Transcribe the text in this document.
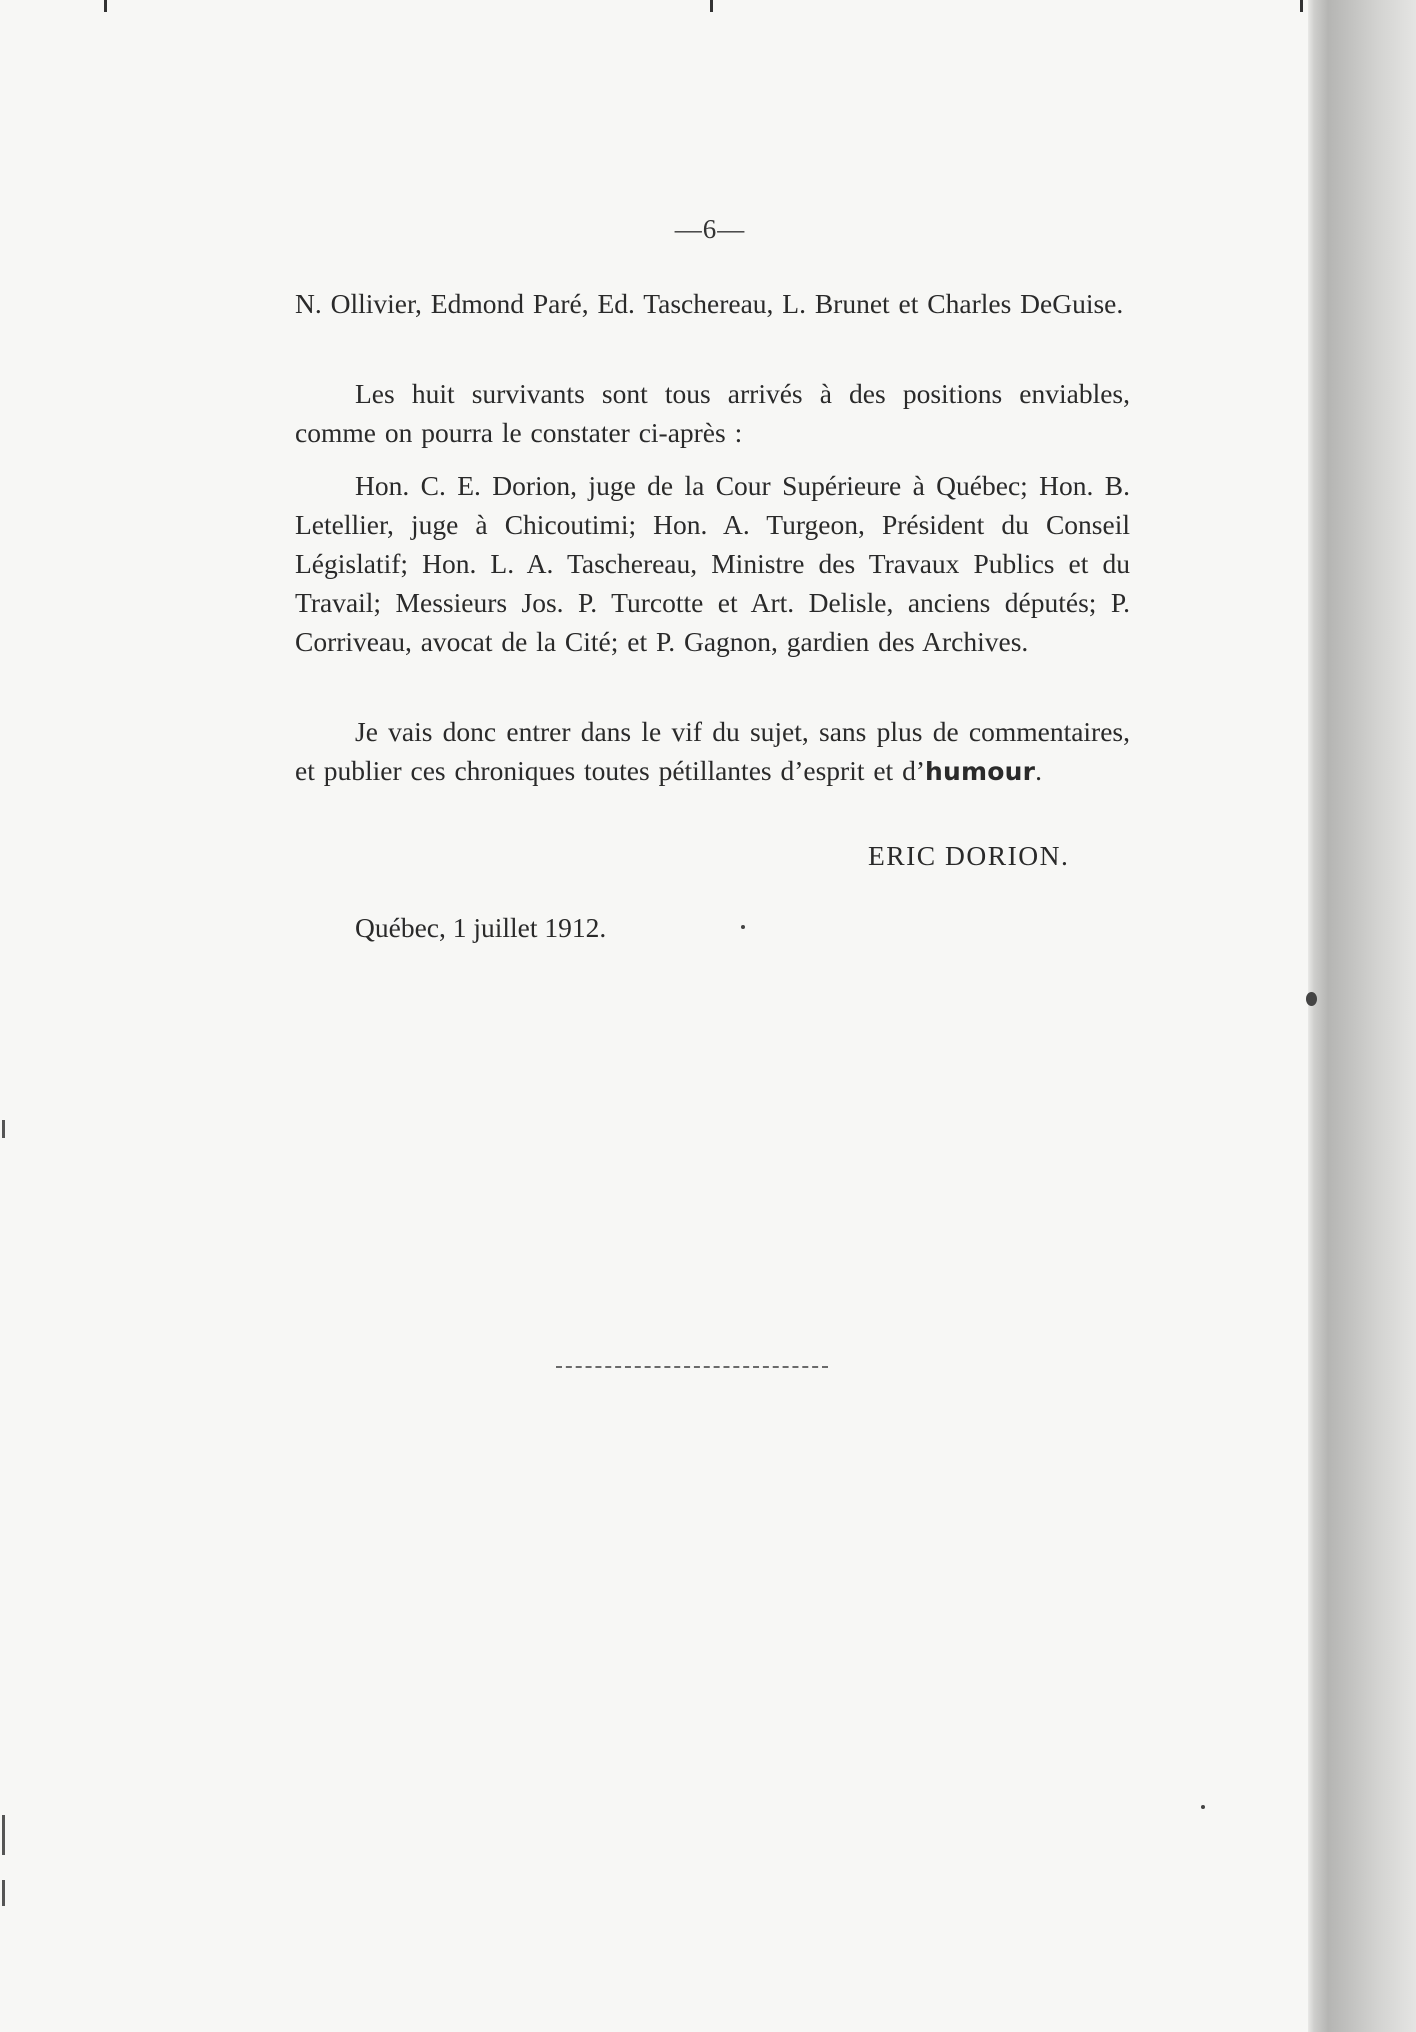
—6—

N. Ollivier, Edmond Paré, Ed. Taschereau, L. Brunet et Charles DeGuise.

Les huit survivants sont tous arrivés à des positions enviables, comme on pourra le constater ci-après :

Hon. C. E. Dorion, juge de la Cour Supérieure à Québec; Hon. B. Letellier, juge à Chicoutimi; Hon. A. Turgeon, Président du Conseil Législatif; Hon. L. A. Taschereau, Ministre des Travaux Publics et du Travail; Messieurs Jos. P. Turcotte et Art. Delisle, anciens députés; P. Corriveau, avocat de la Cité; et P. Gagnon, gardien des Archives.

Je vais donc entrer dans le vif du sujet, sans plus de commentaires, et publier ces chroniques toutes pétillantes d’esprit et d’humour.

ERIC DORION.
Québec, 1 juillet 1912.
